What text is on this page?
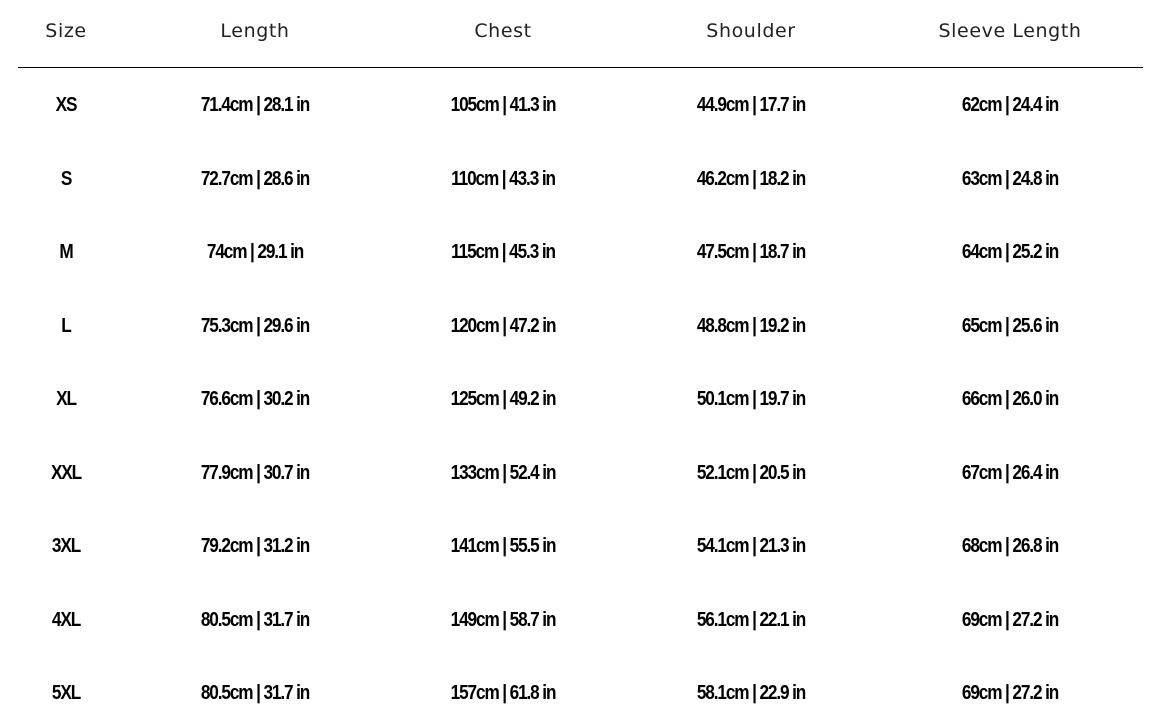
Size	Length	Chest	Shoulder	Sleeve Length
XS	71.4cm | 28.1 in	105cm | 41.3 in	44.9cm | 17.7 in	62cm | 24.4 in
S	72.7cm | 28.6 in	110cm | 43.3 in	46.2cm | 18.2 in	63cm | 24.8 in
M	74cm | 29.1 in	115cm | 45.3 in	47.5cm | 18.7 in	64cm | 25.2 in
L	75.3cm | 29.6 in	120cm | 47.2 in	48.8cm | 19.2 in	65cm | 25.6 in
XL	76.6cm | 30.2 in	125cm | 49.2 in	50.1cm | 19.7 in	66cm | 26.0 in
XXL	77.9cm | 30.7 in	133cm | 52.4 in	52.1cm | 20.5 in	67cm | 26.4 in
3XL	79.2cm | 31.2 in	141cm | 55.5 in	54.1cm | 21.3 in	68cm | 26.8 in
4XL	80.5cm | 31.7 in	149cm | 58.7 in	56.1cm | 22.1 in	69cm | 27.2 in
5XL	80.5cm | 31.7 in	157cm | 61.8 in	58.1cm | 22.9 in	69cm | 27.2 in
